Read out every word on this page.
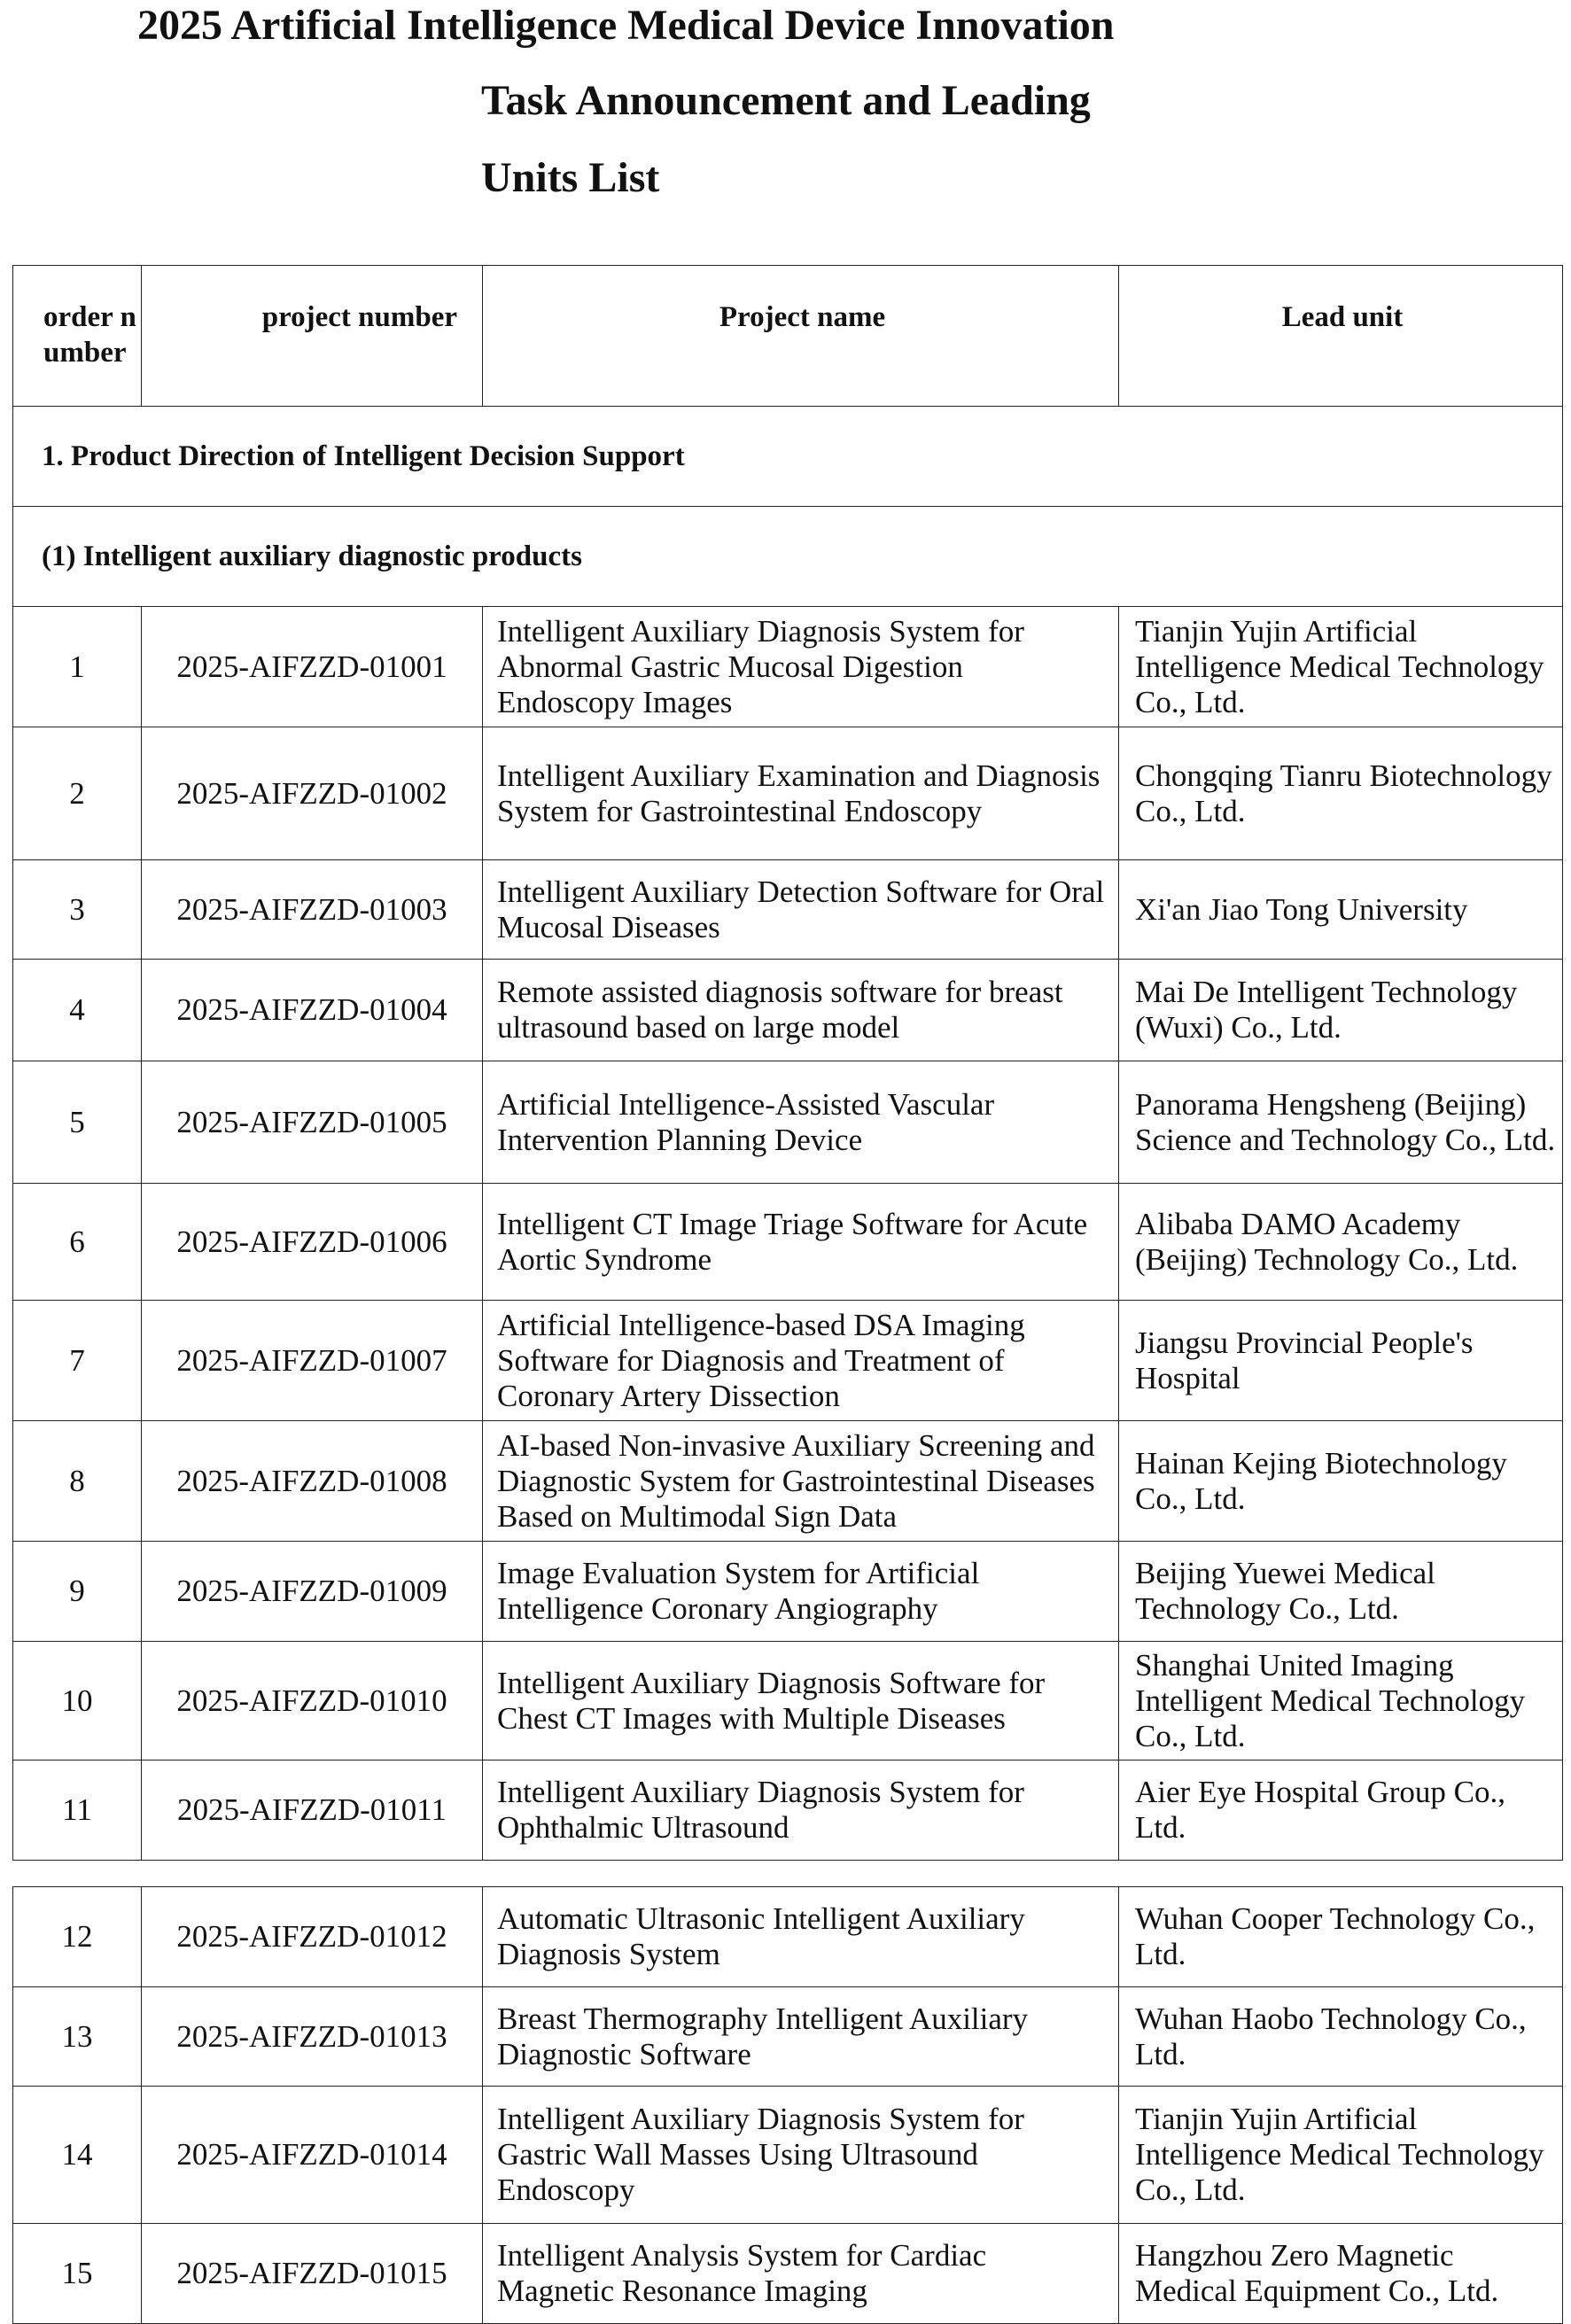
2025 Artificial Intelligence Medical Device Innovation
Task Announcement and Leading
Units List
order number	project number	Project name	Lead unit
1. Product Direction of Intelligent Decision Support			
(1) Intelligent auxiliary diagnostic products			
1	2025-AIFZZD-01001	Intelligent Auxiliary Diagnosis System for Abnormal Gastric Mucosal Digestion Endoscopy Images	Tianjin Yujin Artificial Intelligence Medical Technology Co., Ltd.
2	2025-AIFZZD-01002	Intelligent Auxiliary Examination and Diagnosis System for Gastrointestinal Endoscopy	Chongqing Tianru Biotechnology Co., Ltd.
3	2025-AIFZZD-01003	Intelligent Auxiliary Detection Software for Oral Mucosal Diseases	Xi'an Jiao Tong University
4	2025-AIFZZD-01004	Remote assisted diagnosis software for breast ultrasound based on large model	Mai De Intelligent Technology (Wuxi) Co., Ltd.
5	2025-AIFZZD-01005	Artificial Intelligence-Assisted Vascular Intervention Planning Device	Panorama Hengsheng (Beijing) Science and Technology Co., Ltd.
6	2025-AIFZZD-01006	Intelligent CT Image Triage Software for Acute Aortic Syndrome	Alibaba DAMO Academy (Beijing) Technology Co., Ltd.
7	2025-AIFZZD-01007	Artificial Intelligence-based DSA Imaging Software for Diagnosis and Treatment of Coronary Artery Dissection	Jiangsu Provincial People's Hospital
8	2025-AIFZZD-01008	AI-based Non-invasive Auxiliary Screening and Diagnostic System for Gastrointestinal Diseases Based on Multimodal Sign Data	Hainan Kejing Biotechnology Co., Ltd.
9	2025-AIFZZD-01009	Image Evaluation System for Artificial Intelligence Coronary Angiography	Beijing Yuewei Medical Technology Co., Ltd.
10	2025-AIFZZD-01010	Intelligent Auxiliary Diagnosis Software for Chest CT Images with Multiple Diseases	Shanghai United Imaging Intelligent Medical Technology Co., Ltd.
11	2025-AIFZZD-01011	Intelligent Auxiliary Diagnosis System for Ophthalmic Ultrasound	Aier Eye Hospital Group Co., Ltd.
12	2025-AIFZZD-01012	Automatic Ultrasonic Intelligent Auxiliary Diagnosis System	Wuhan Cooper Technology Co., Ltd.
13	2025-AIFZZD-01013	Breast Thermography Intelligent Auxiliary Diagnostic Software	Wuhan Haobo Technology Co., Ltd.
14	2025-AIFZZD-01014	Intelligent Auxiliary Diagnosis System for Gastric Wall Masses Using Ultrasound Endoscopy	Tianjin Yujin Artificial Intelligence Medical Technology Co., Ltd.
15	2025-AIFZZD-01015	Intelligent Analysis System for Cardiac Magnetic Resonance Imaging	Hangzhou Zero Magnetic Medical Equipment Co., Ltd.
